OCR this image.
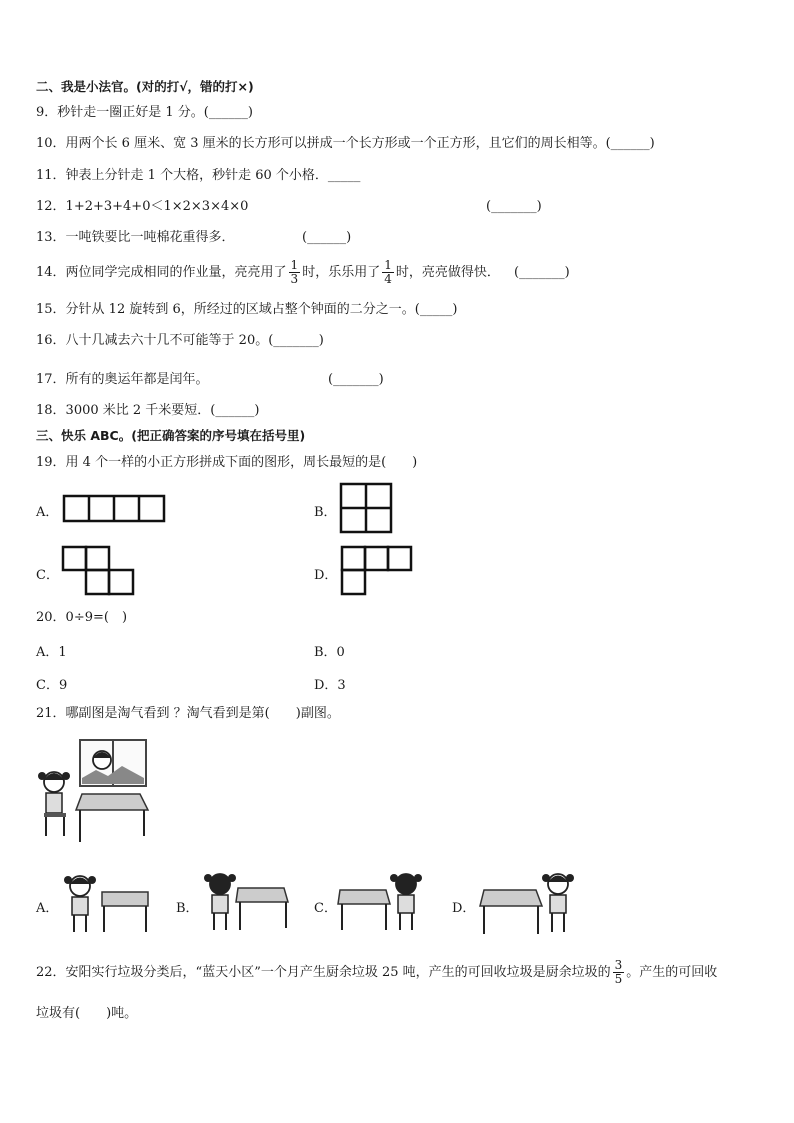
二、我是小法官。(对的打√，错的打×)
9．秒针走一圈正好是 1 分。(______)
10．用两个长 6 厘米、宽 3 厘米的长方形可以拼成一个长方形或一个正方形，且它们的周长相等。(______)
11．钟表上分针走 1 个大格，秒针走 60 个小格．_____
12．1+2+3+4+0＜1×2×3×4×0	(_______)
13．一吨铁要比一吨棉花重得多．	(______)
14．两位同学完成相同的作业量，亮亮用了 $\frac{1}{3}$ 时，乐乐用了 $\frac{1}{4}$ 时，亮亮做得快． (_______)
15．分针从 12 旋转到 6，所经过的区域占整个钟面的二分之一。(_____)
16．八十几减去六十几不可能等于 20。(_______)
17．所有的奥运年都是闰年。	(_______)
18．3000 米比 2 千米要短．(______)
三、快乐 ABC。(把正确答案的序号填在括号里)
19．用 4 个一样的小正方形拼成下面的图形，周长最短的是(　　)
A．	B．
C．	D．
20．0÷9=(　)
A．1	B．0
C．9	D．3
21．哪副图是淘气看到 ？淘气看到是第(　　)副图。
A．	B．	C．	D．
22．安阳实行垃圾分类后，“蓝天小区”一个月产生厨余垃圾 25 吨，产生的可回收垃圾是厨余垃圾的 $\frac{3}{5}$ 。产生的可回收
垃圾有(　　)吨。
